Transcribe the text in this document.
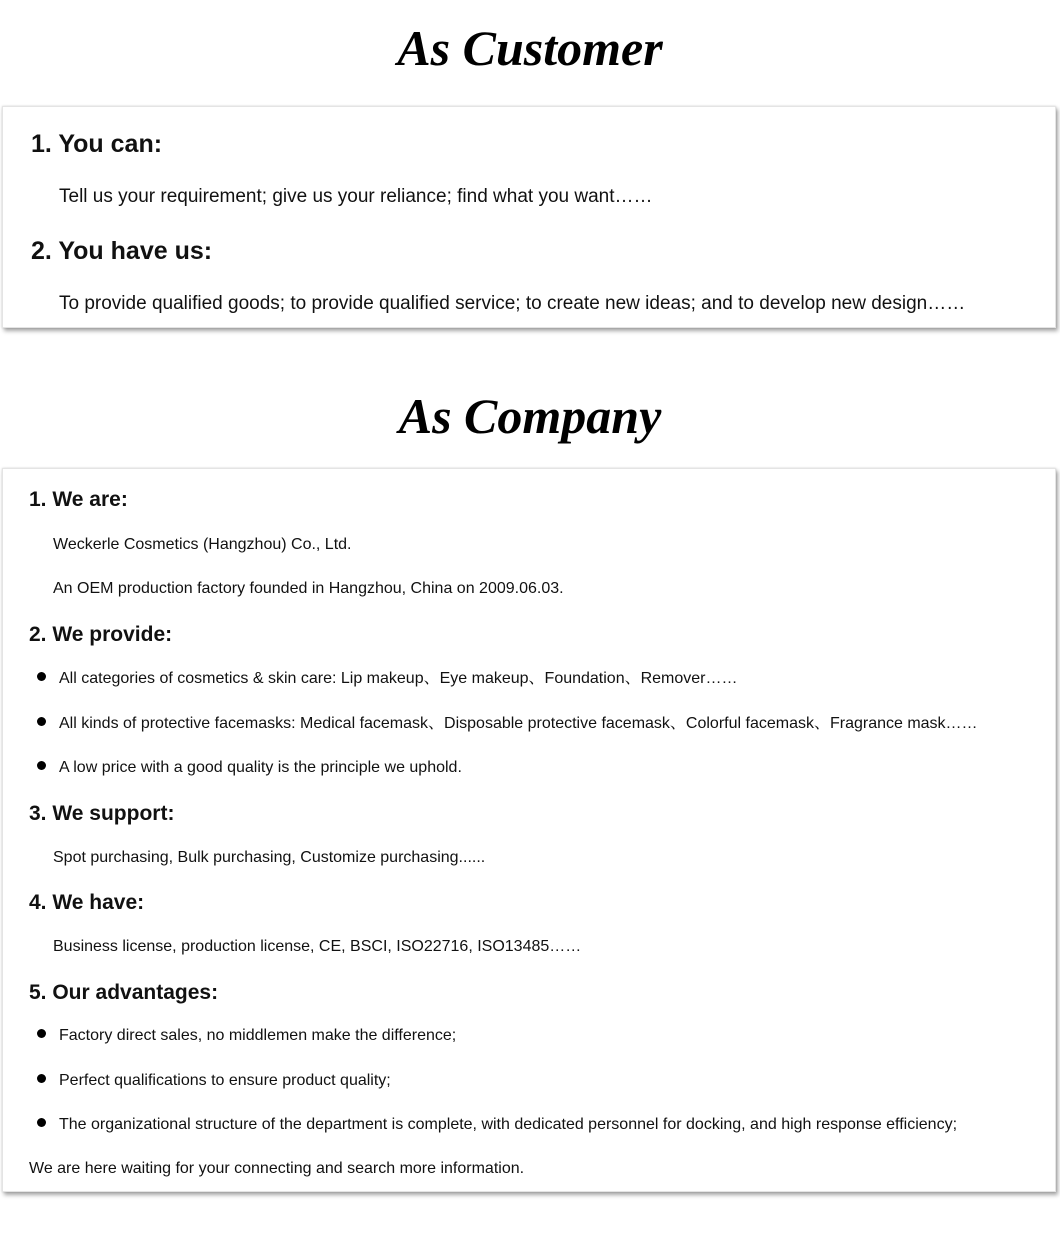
As Customer
1. You can:

Tell us your requirement; give us your reliance; find what you want……

2. You have us:

To provide qualified goods; to provide qualified service; to create new ideas; and to develop new design……

As Company
1. We are:

Weckerle Cosmetics (Hangzhou) Co., Ltd.

An OEM production factory founded in Hangzhou, China on 2009.06.03.

2. We provide:

All categories of cosmetics & skin care: Lip makeup、Eye makeup、Foundation、Remover……

All kinds of protective facemasks: Medical facemask、Disposable protective facemask、Colorful facemask、Fragrance mask……

A low price with a good quality is the principle we uphold.

3. We support:

Spot purchasing, Bulk purchasing, Customize purchasing......

4. We have:

Business license, production license, CE, BSCI, ISO22716, ISO13485……

5. Our advantages:

Factory direct sales, no middlemen make the difference;

Perfect qualifications to ensure product quality;

The organizational structure of the department is complete, with dedicated personnel for docking, and high response efficiency;

We are here waiting for your connecting and search more information.
